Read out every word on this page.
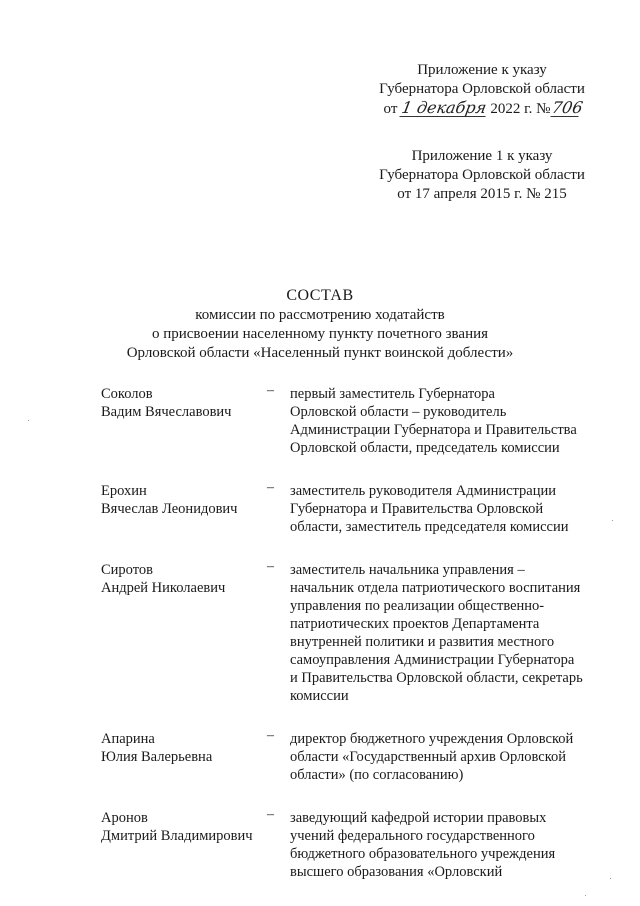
Приложение к указу
Губернатора Орловской области
от 1 декабря 2022 г. №706
Приложение 1 к указу
Губернатора Орловской области
от 17 апреля 2015 г. № 215
СОСТАВ
комиссии по рассмотрению ходатайств
о присвоении населенному пункту почетного звания
Орловской области «Населенный пункт воинской доблести»
Соколов
Вадим Вячеславович
– первый заместитель Губернатора
Орловской области – руководитель
Администрации Губернатора и Правительства
Орловской области, председатель комиссии
Ерохин
Вячеслав Леонидович
– заместитель руководителя Администрации
Губернатора и Правительства Орловской
области, заместитель председателя комиссии
Сиротов
Андрей Николаевич
– заместитель начальника управления –
начальник отдела патриотического воспитания
управления по реализации общественно-
патриотических проектов Департамента
внутренней политики и развития местного
самоуправления Администрации Губернатора
и Правительства Орловской области, секретарь
комиссии
Апарина
Юлия Валерьевна
– директор бюджетного учреждения Орловской
области «Государственный архив Орловской
области» (по согласованию)
Аронов
Дмитрий Владимирович
– заведующий кафедрой истории правовых
учений федерального государственного
бюджетного образовательного учреждения
высшего образования «Орловский
